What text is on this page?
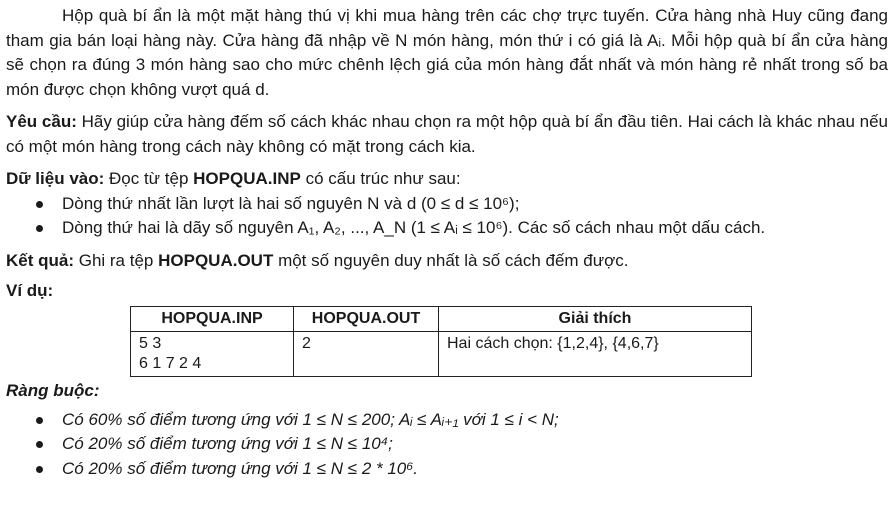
Hộp quà bí ẩn là một mặt hàng thú vị khi mua hàng trên các chợ trực tuyến. Cửa hàng nhà Huy cũng đang tham gia bán loại hàng này. Cửa hàng đã nhập về N món hàng, món thứ i có giá là Aᵢ. Mỗi hộp quà bí ẩn cửa hàng sẽ chọn ra đúng 3 món hàng sao cho mức chênh lệch giá của món hàng đắt nhất và món hàng rẻ nhất trong số ba món được chọn không vượt quá d.

Yêu cầu: Hãy giúp cửa hàng đếm số cách khác nhau chọn ra một hộp quà bí ẩn đầu tiên. Hai cách là khác nhau nếu có một món hàng trong cách này không có mặt trong cách kia.

Dữ liệu vào: Đọc từ tệp HOPQUA.INP có cấu trúc như sau:

Dòng thứ nhất lần lượt là hai số nguyên N và d (0 ≤ d ≤ 10⁶);
Dòng thứ hai là dãy số nguyên A₁, A₂, ..., A_N (1 ≤ Aᵢ ≤ 10⁶). Các số cách nhau một dấu cách.

Kết quả: Ghi ra tệp HOPQUA.OUT một số nguyên duy nhất là số cách đếm được.

Ví dụ:
HOPQUA.INP	HOPQUA.OUT	Giải thích

5 3
6 1 7 2 4	2	Hai cách chọn: {1,2,4}, {4,6,7}

Ràng buộc:

Có 60% số điểm tương ứng với 1 ≤ N ≤ 200; Aᵢ ≤ Aᵢ₊₁ với 1 ≤ i < N;
Có 20% số điểm tương ứng với 1 ≤ N ≤ 10⁴;
Có 20% số điểm tương ứng với 1 ≤ N ≤ 2 * 10⁶.
